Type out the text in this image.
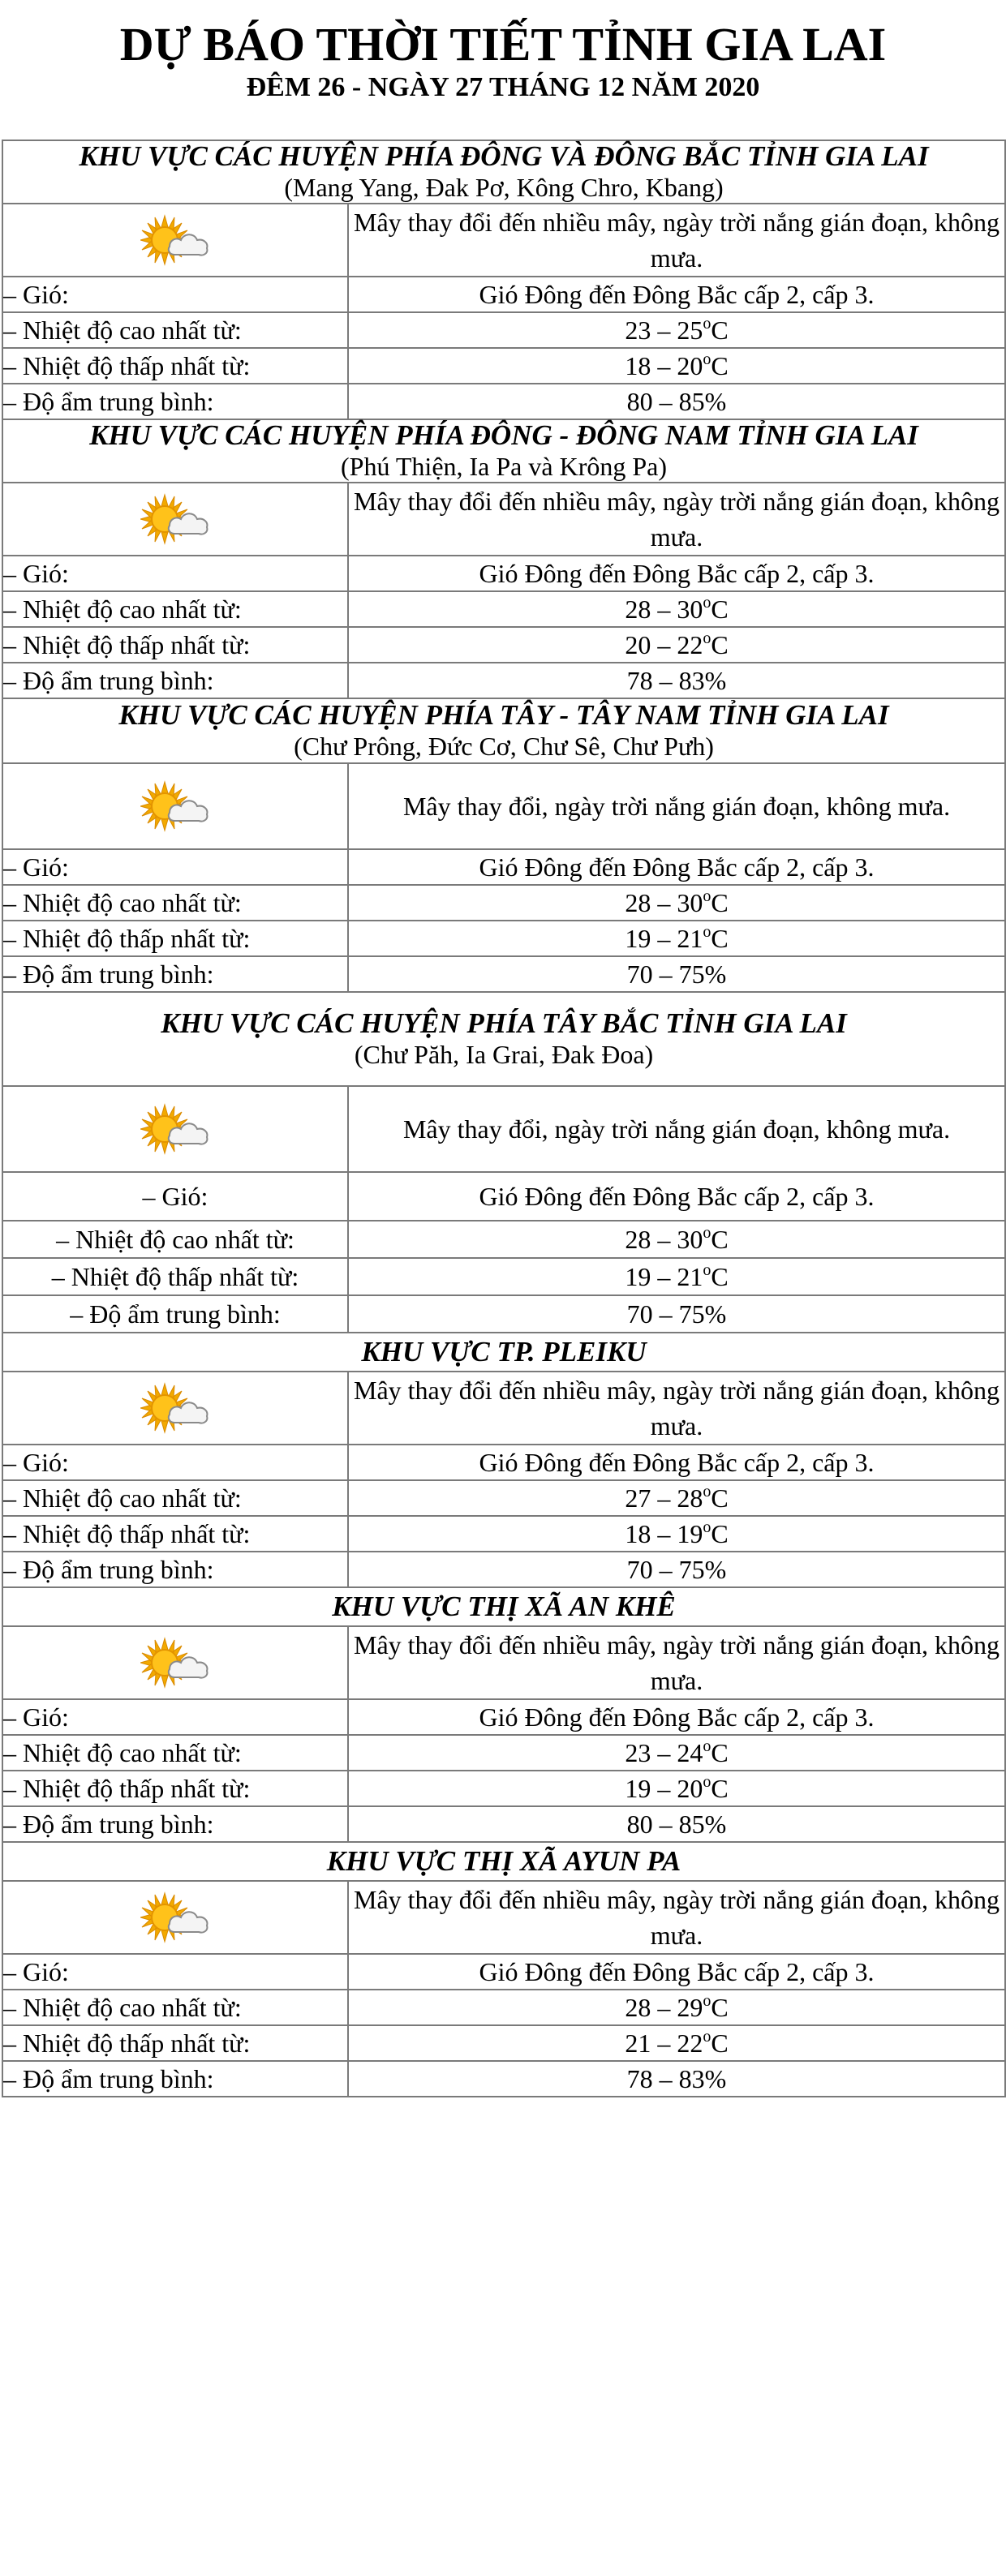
DỰ BÁO THỜI TIẾT TỈNH GIA LAI
ĐÊM 26 - NGÀY 27 THÁNG 12 NĂM 2020
KHU VỰC CÁC HUYỆN PHÍA ĐÔNG VÀ ĐÔNG BẮC TỈNH GIA LAI
(Mang Yang, Đak Pơ, Kông Chro, Kbang)	

	Mây thay đổi đến nhiều mây, ngày trời nắng gián đoạn, không mưa.
– Gió:	Gió Đông đến Đông Bắc cấp 2, cấp 3.
– Nhiệt độ cao nhất từ:	23 – 25$^o$C
– Nhiệt độ thấp nhất từ:	18 – 20$^o$C
– Độ ẩm trung bình:	80 – 85%

KHU VỰC CÁC HUYỆN PHÍA ĐÔNG - ĐÔNG NAM TỈNH GIA LAI
(Phú Thiện, Ia Pa và Krông Pa)	

	Mây thay đổi đến nhiều mây, ngày trời nắng gián đoạn, không mưa.
– Gió:	Gió Đông đến Đông Bắc cấp 2, cấp 3.
– Nhiệt độ cao nhất từ:	28 – 30$^o$C
– Nhiệt độ thấp nhất từ:	20 – 22$^o$C
– Độ ẩm trung bình:	78 – 83%

KHU VỰC CÁC HUYỆN PHÍA TÂY - TÂY NAM TỈNH GIA LAI
(Chư Prông, Đức Cơ, Chư Sê, Chư Pưh)	

	Mây thay đổi, ngày trời nắng gián đoạn, không mưa.
– Gió:	Gió Đông đến Đông Bắc cấp 2, cấp 3.
– Nhiệt độ cao nhất từ:	28 – 30$^o$C
– Nhiệt độ thấp nhất từ:	19 – 21$^o$C
– Độ ẩm trung bình:	70 – 75%

KHU VỰC CÁC HUYỆN PHÍA TÂY BẮC TỈNH GIA LAI
(Chư Păh, Ia Grai, Đak Đoa)	

	Mây thay đổi, ngày trời nắng gián đoạn, không mưa.
– Gió:	Gió Đông đến Đông Bắc cấp 2, cấp 3.
– Nhiệt độ cao nhất từ:	28 – 30$^o$C
– Nhiệt độ thấp nhất từ:	19 – 21$^o$C
– Độ ẩm trung bình:	70 – 75%

KHU VỰC TP. PLEIKU	

	Mây thay đổi đến nhiều mây, ngày trời nắng gián đoạn, không mưa.
– Gió:	Gió Đông đến Đông Bắc cấp 2, cấp 3.
– Nhiệt độ cao nhất từ:	27 – 28$^o$C
– Nhiệt độ thấp nhất từ:	18 – 19$^o$C
– Độ ẩm trung bình:	70 – 75%

KHU VỰC THỊ XÃ AN KHÊ	

	Mây thay đổi đến nhiều mây, ngày trời nắng gián đoạn, không mưa.
– Gió:	Gió Đông đến Đông Bắc cấp 2, cấp 3.
– Nhiệt độ cao nhất từ:	23 – 24$^o$C
– Nhiệt độ thấp nhất từ:	19 – 20$^o$C
– Độ ẩm trung bình:	80 – 85%

KHU VỰC THỊ XÃ AYUN PA	

	Mây thay đổi đến nhiều mây, ngày trời nắng gián đoạn, không mưa.
– Gió:	Gió Đông đến Đông Bắc cấp 2, cấp 3.
– Nhiệt độ cao nhất từ:	28 – 29$^o$C
– Nhiệt độ thấp nhất từ:	21 – 22$^o$C
– Độ ẩm trung bình:	78 – 83%
